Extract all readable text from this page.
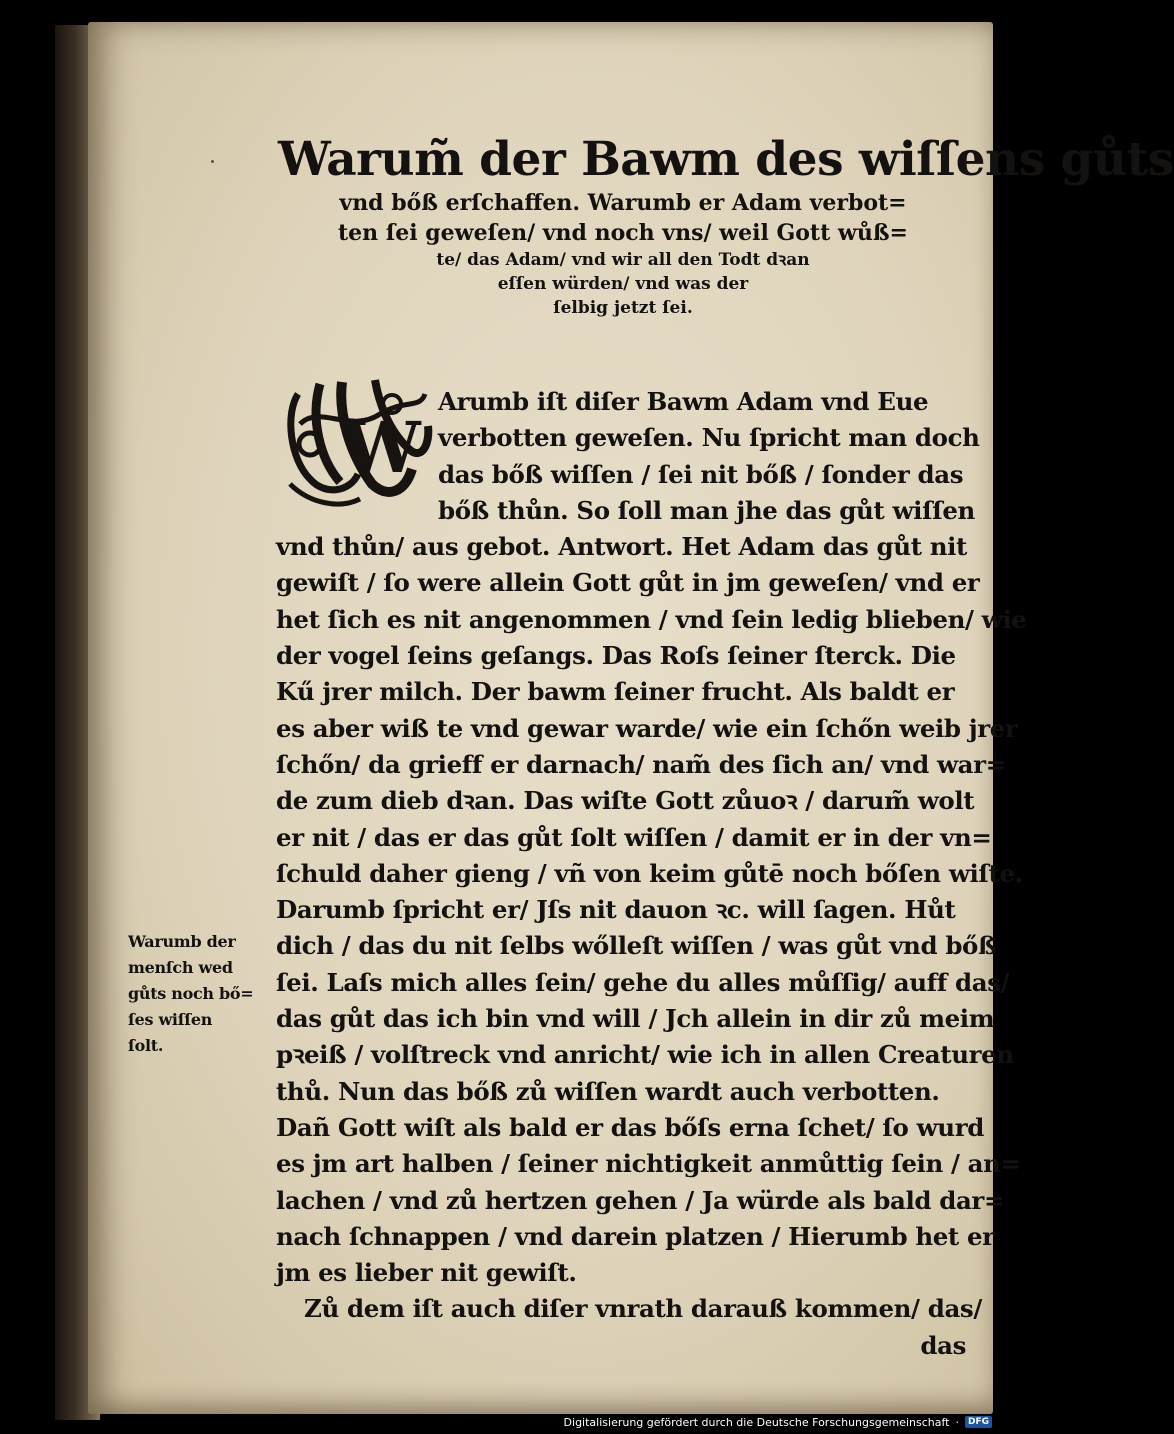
Warum̃ der Bawm des wiſſens gůts
vnd bőß erſchaffen. Warumb er Adam verbot=
ten ſei geweſen/ vnd noch vns/ weil Gott wůß=
te/ das Adam/ vnd wir all den Todt dꝛan
eſſen würden/ vnd was der
ſelbig jetzt ſei.
W
Arumb iſt diſer Bawm Adam vnd Eue
verbotten geweſen. Nu ſpricht man doch
das bőß wiſſen / ſei nit bőß / ſonder das
bőß thůn. So ſoll man jhe das gůt wiſſen
vnd thůn/ aus gebot. Antwort. Het Adam das gůt nit
gewiſt / ſo were allein Gott gůt in jm geweſen/ vnd er
het ſich es nit angenommen / vnd ſein ledig blieben/ wie
der vogel ſeins geſangs. Das Roſs ſeiner ſterck. Die
Kű jrer milch. Der bawm ſeiner frucht. Als baldt er
es aber wiß te vnd gewar warde/ wie ein ſchőn weib jrer
ſchőn/ da grieff er darnach/ nam̃ des ſich an/ vnd war=
de zum dieb dꝛan. Das wiſte Gott zůuoꝛ / darum̃ wolt
er nit / das er das gůt ſolt wiſſen / damit er in der vn=
ſchuld daher gieng / vñ von keim gůtē noch bőſen wiſte.
Darumb ſpricht er/ Jſs nit dauon ꝛc. will ſagen. Hůt
dich / das du nit ſelbs wőlleſt wiſſen / was gůt vnd bőß
ſei. Laſs mich alles ſein/ gehe du alles můſſig/ auff das/
das gůt das ich bin vnd will / Jch allein in dir zů meim
pꝛeiß / volſtreck vnd anricht/ wie ich in allen Creaturen
thů. Nun das bőß zů wiſſen wardt auch verbotten.
Dañ Gott wiſt als bald er das bőſs erna ſchet/ ſo wurd
es jm art halben / ſeiner nichtigkeit anmůttig ſein / an=
lachen / vnd zů hertzen gehen / Ja würde als bald dar=
nach ſchnappen / vnd darein platzen / Hierumb het er
jm es lieber nit gewiſt.
Zů dem iſt auch diſer vnrath darauß kommen/ das/
das
Warumb der
menſch wed
gůts noch bő=
ſes wiſſen
ſolt.
Digitalisierung gefördert durch die Deutsche Forschungsgemeinschaft ·	DFG
